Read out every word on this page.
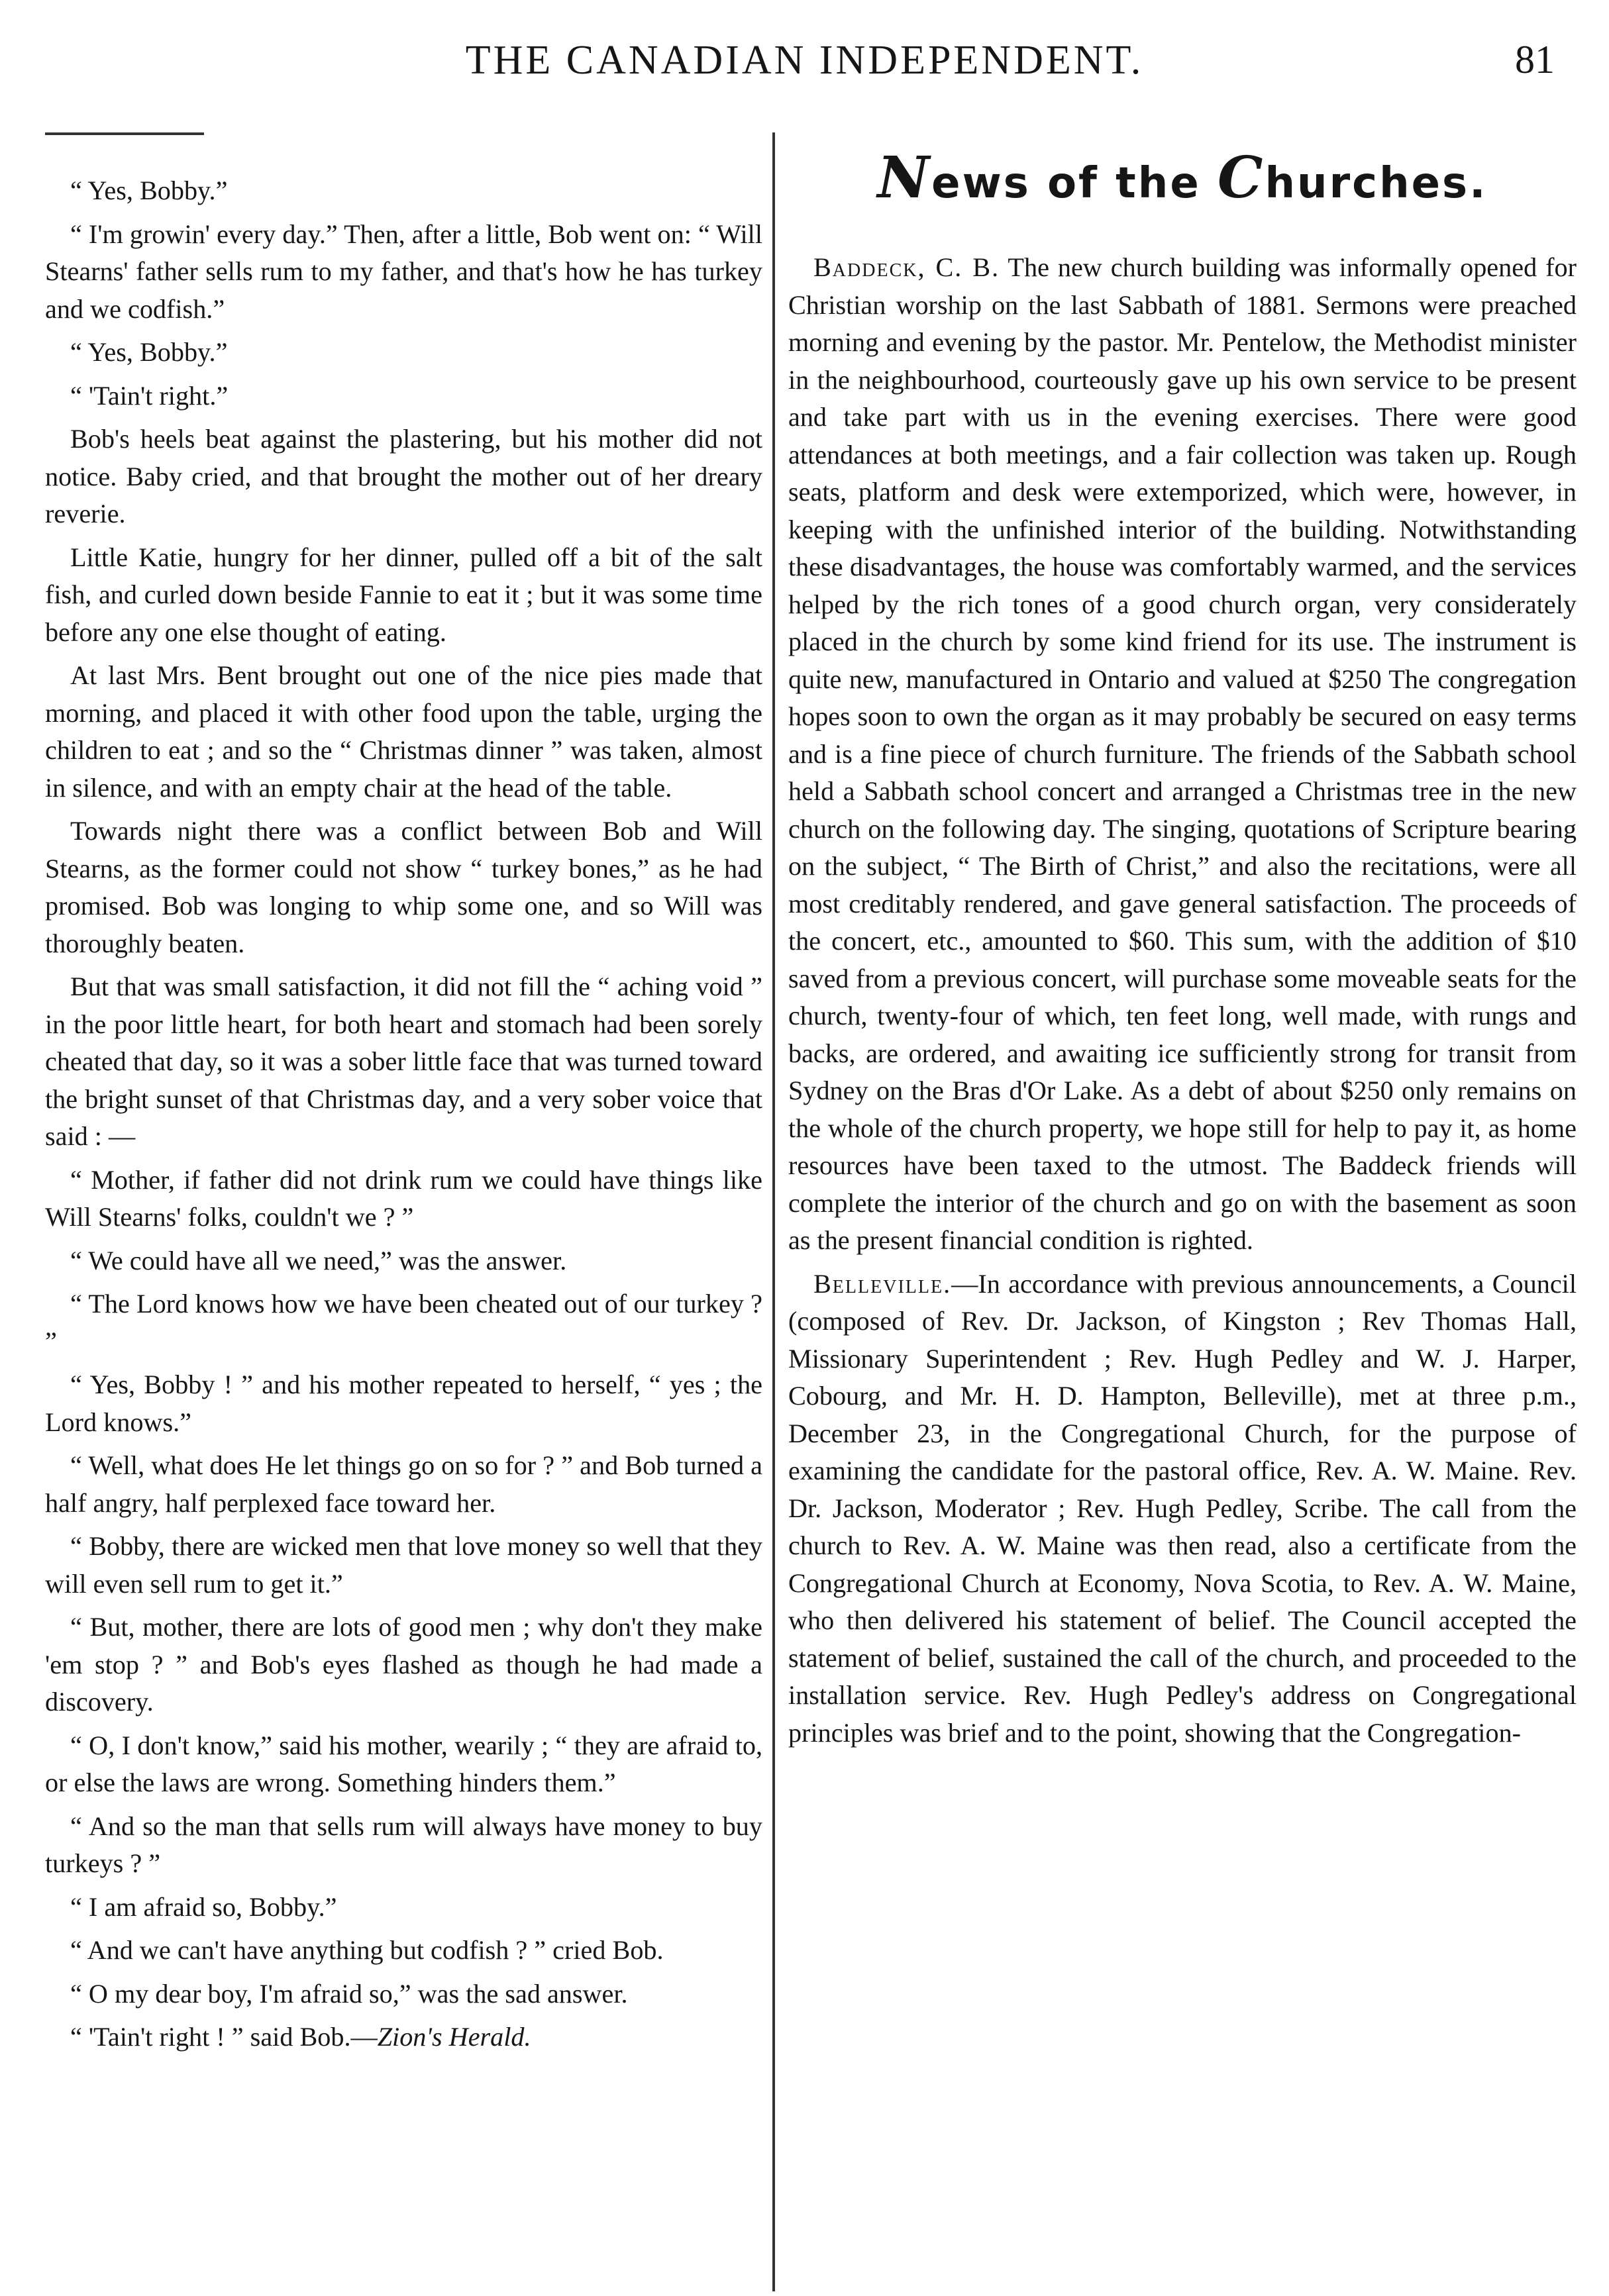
THE CANADIAN INDEPENDENT.	81

“ Yes, Bobby.”

“ I'm growin' every day.” Then, after a little, Bob went on: “ Will Stearns' father sells rum to my father, and that's how he has turkey and we codfish.”

“ Yes, Bobby.”

“ 'Tain't right.”

Bob's heels beat against the plastering, but his mother did not notice. Baby cried, and that brought the mother out of her dreary reverie.

Little Katie, hungry for her dinner, pulled off a bit of the salt fish, and curled down beside Fannie to eat it ; but it was some time before any one else thought of eating.

At last Mrs. Bent brought out one of the nice pies made that morning, and placed it with other food upon the table, urging the children to eat ; and so the “ Christmas dinner ” was taken, almost in silence, and with an empty chair at the head of the table.

Towards night there was a conflict between Bob and Will Stearns, as the former could not show “ turkey bones,” as he had promised. Bob was longing to whip some one, and so Will was thoroughly beaten.

But that was small satisfaction, it did not fill the “ aching void ” in the poor little heart, for both heart and stomach had been sorely cheated that day, so it was a sober little face that was turned toward the bright sunset of that Christmas day, and a very sober voice that said : —

“ Mother, if father did not drink rum we could have things like Will Stearns' folks, couldn't we ? ”

“ We could have all we need,” was the answer.

“ The Lord knows how we have been cheated out of our turkey ? ”

“ Yes, Bobby ! ” and his mother repeated to herself, “ yes ; the Lord knows.”

“ Well, what does He let things go on so for ? ” and Bob turned a half angry, half perplexed face toward her.

“ Bobby, there are wicked men that love money so well that they will even sell rum to get it.”

“ But, mother, there are lots of good men ; why don't they make 'em stop ? ” and Bob's eyes flashed as though he had made a discovery.

“ O, I don't know,” said his mother, wearily ; “ they are afraid to, or else the laws are wrong. Something hinders them.”

“ And so the man that sells rum will always have money to buy turkeys ? ”

“ I am afraid so, Bobby.”

“ And we can't have anything but codfish ? ” cried Bob.

“ O my dear boy, I'm afraid so,” was the sad answer.

“ 'Tain't right ! ” said Bob.—Zion's Herald.

News of the Churches.

Baddeck, C. B. The new church building was informally opened for Christian worship on the last Sabbath of 1881. Sermons were preached morning and evening by the pastor. Mr. Pentelow, the Methodist minister in the neighbourhood, courteously gave up his own service to be present and take part with us in the evening exercises. There were good attendances at both meetings, and a fair collection was taken up. Rough seats, platform and desk were extemporized, which were, however, in keeping with the unfinished interior of the building. Notwithstanding these disadvantages, the house was comfortably warmed, and the services helped by the rich tones of a good church organ, very considerately placed in the church by some kind friend for its use. The instrument is quite new, manufactured in Ontario and valued at $250 The congregation hopes soon to own the organ as it may probably be secured on easy terms and is a fine piece of church furniture. The friends of the Sabbath school held a Sabbath school concert and arranged a Christmas tree in the new church on the following day. The singing, quotations of Scripture bearing on the subject, “ The Birth of Christ,” and also the recitations, were all most creditably rendered, and gave general satisfaction. The proceeds of the concert, etc., amounted to $60. This sum, with the addition of $10 saved from a previous concert, will purchase some moveable seats for the church, twenty-four of which, ten feet long, well made, with rungs and backs, are ordered, and awaiting ice sufficiently strong for transit from Sydney on the Bras d'Or Lake. As a debt of about $250 only remains on the whole of the church property, we hope still for help to pay it, as home resources have been taxed to the utmost. The Baddeck friends will complete the interior of the church and go on with the basement as soon as the present financial condition is righted.

Belleville.—In accordance with previous announcements, a Council (composed of Rev. Dr. Jackson, of Kingston ; Rev Thomas Hall, Missionary Superintendent ; Rev. Hugh Pedley and W. J. Harper, Cobourg, and Mr. H. D. Hampton, Belleville), met at three p.m., December 23, in the Congregational Church, for the purpose of examining the candidate for the pastoral office, Rev. A. W. Maine. Rev. Dr. Jackson, Moderator ; Rev. Hugh Pedley, Scribe. The call from the church to Rev. A. W. Maine was then read, also a certificate from the Congregational Church at Economy, Nova Scotia, to Rev. A. W. Maine, who then delivered his statement of belief. The Council accepted the statement of belief, sustained the call of the church, and proceeded to the installation service. Rev. Hugh Pedley's address on Congregational principles was brief and to the point, showing that the Congregation-
